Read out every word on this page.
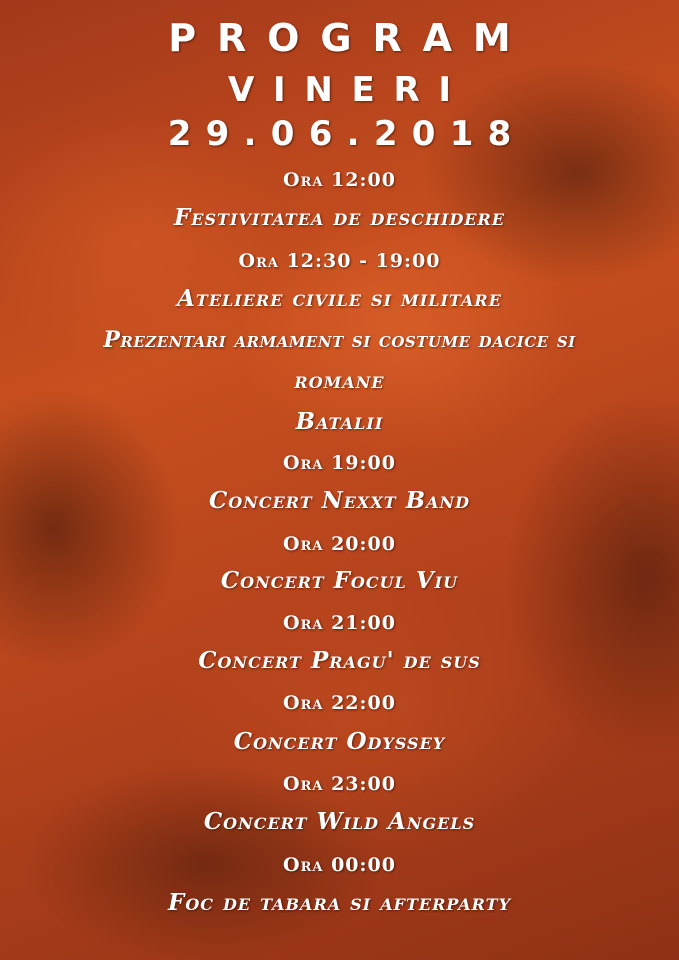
PROGRAM
VINERI
29.06.2018
Ora 12:00
Festivitatea de deschidere
Ora 12:30 - 19:00
Ateliere civile si militare
Prezentari armament si costume dacice si
romane
Batalii
Ora 19:00
Concert Nexxt Band
Ora 20:00
Concert Focul Viu
Ora 21:00
Concert Pragu' de sus
Ora 22:00
Concert Odyssey
Ora 23:00
Concert Wild Angels
Ora 00:00
Foc de tabara si afterparty
